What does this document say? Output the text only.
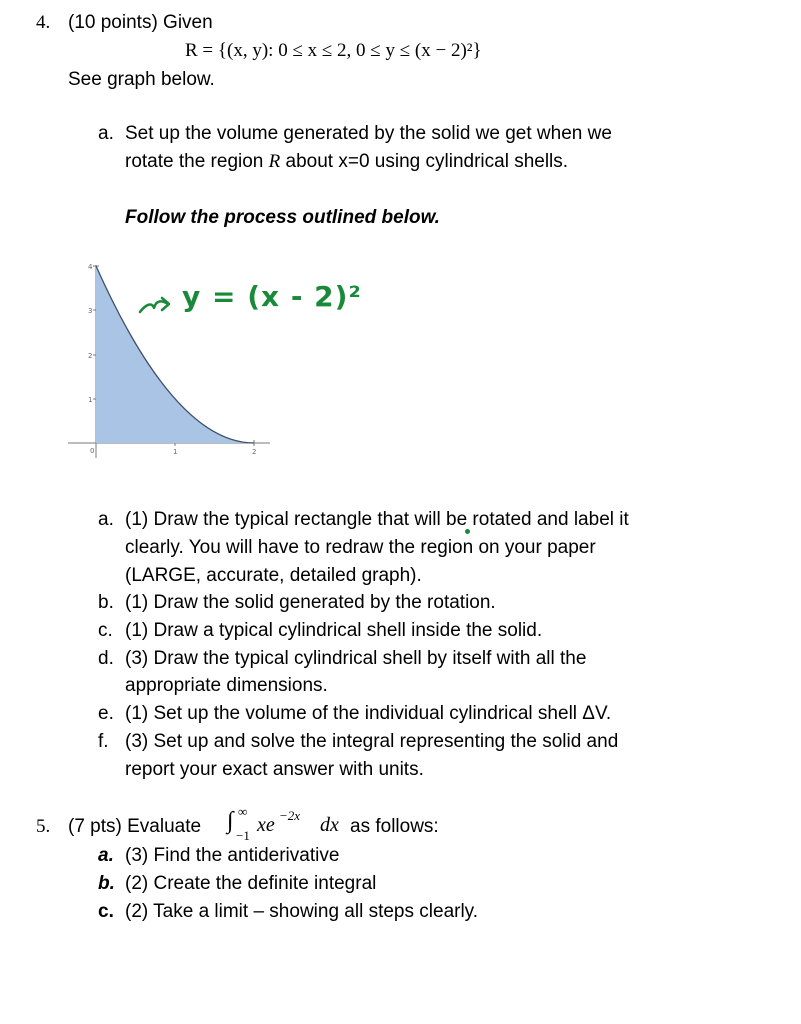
4. (10 points) Given
R = {(x, y): 0 ≤ x ≤ 2, 0 ≤ y ≤ (x − 2)²}
See graph below.
a. Set up the volume generated by the solid we get when we
rotate the region R about x=0 using cylindrical shells.
Follow the process outlined below.
4
3
2
1
0	1	2
y = (x - 2)²
a. (1) Draw the typical rectangle that will be rotated and label it
clearly. You will have to redraw the region on your paper
(LARGE, accurate, detailed graph).
b. (1) Draw the solid generated by the rotation.
c. (1) Draw a typical cylindrical shell inside the solid.
d. (3) Draw the typical cylindrical shell by itself with all the
appropriate dimensions.
e. (1) Set up the volume of the individual cylindrical shell ΔV.
f. (3) Set up and solve the integral representing the solid and
report your exact answer with units.
5. (7 pts) Evaluate ∫ ∞
−1 xe −2x dx as follows:
a. (3) Find the antiderivative
b. (2) Create the definite integral
c. (2) Take a limit – showing all steps clearly.
